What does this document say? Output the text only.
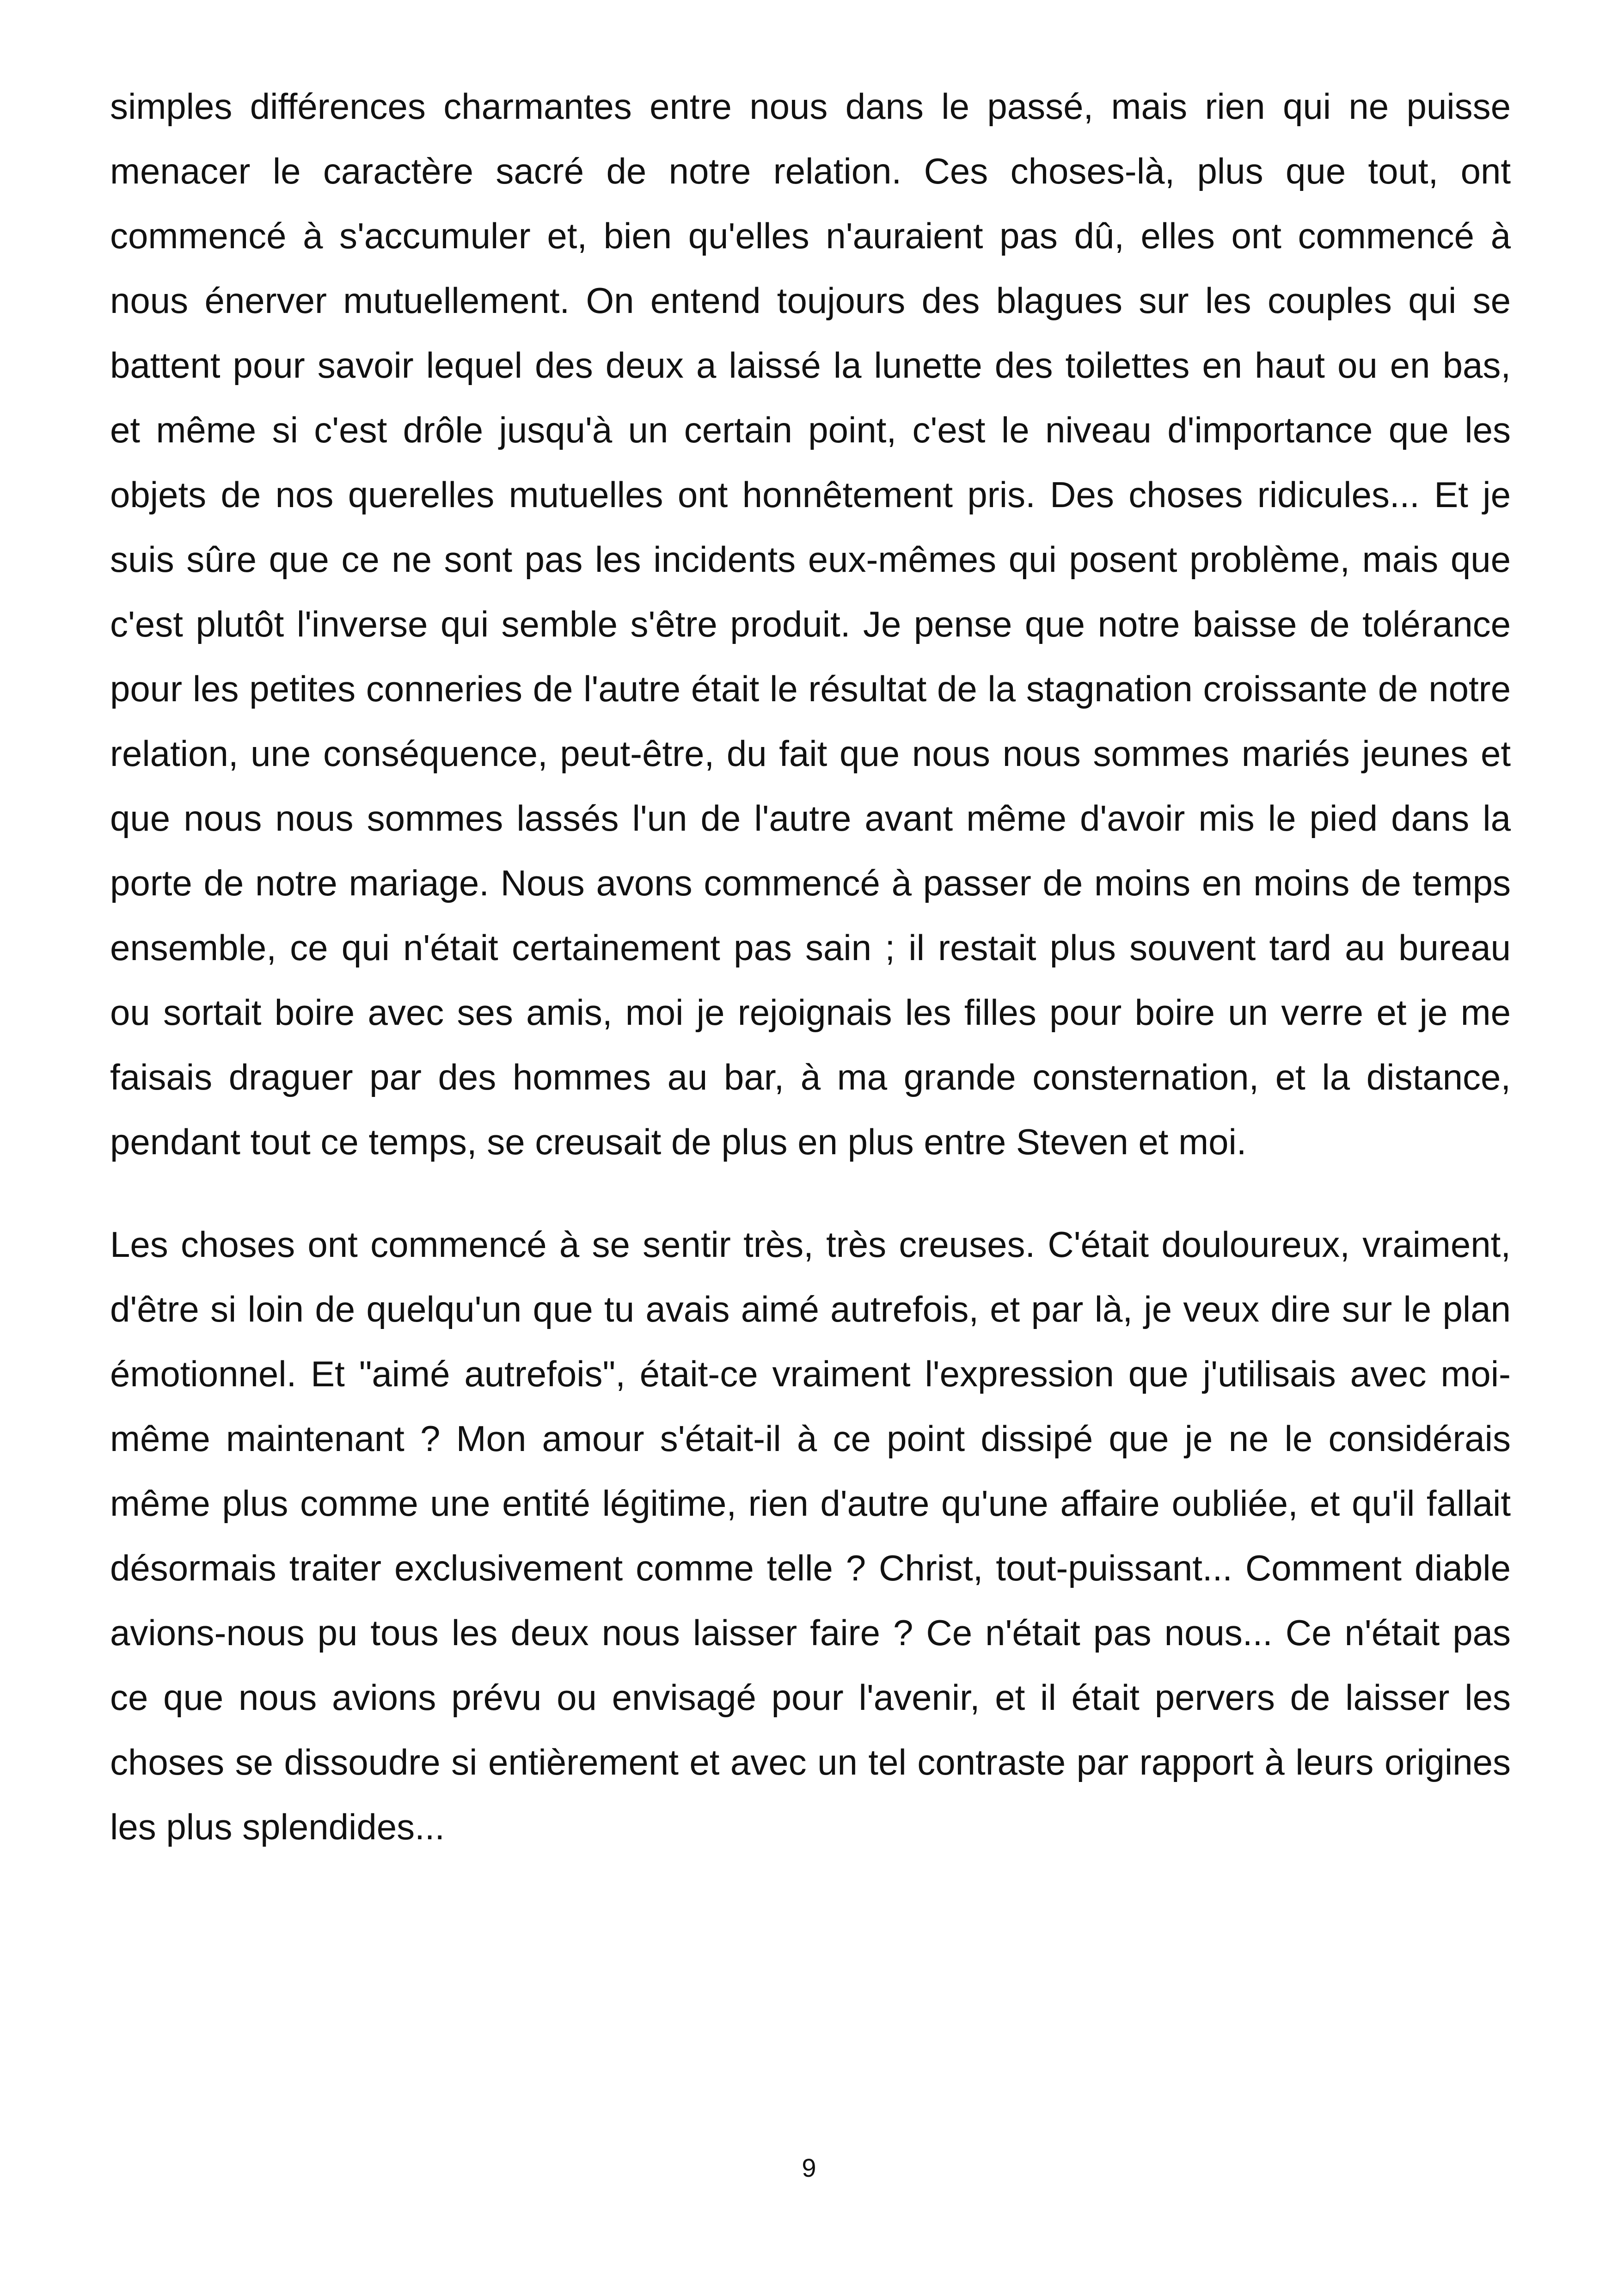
simples différences charmantes entre nous dans le passé, mais rien qui ne puisse menacer le caractère sacré de notre relation. Ces choses-là, plus que tout, ont commencé à s'accumuler et, bien qu'elles n'auraient pas dû, elles ont commencé à nous énerver mutuellement. On entend toujours des blagues sur les couples qui se battent pour savoir lequel des deux a laissé la lunette des toilettes en haut ou en bas, et même si c'est drôle jusqu'à un certain point, c'est le niveau d'importance que les objets de nos querelles mutuelles ont honnêtement pris. Des choses ridicules... Et je suis sûre que ce ne sont pas les incidents eux-mêmes qui posent problème, mais que c'est plutôt l'inverse qui semble s'être produit. Je pense que notre baisse de tolérance pour les petites conneries de l'autre était le résultat de la stagnation croissante de notre relation, une conséquence, peut-être, du fait que nous nous sommes mariés jeunes et que nous nous sommes lassés l'un de l'autre avant même d'avoir mis le pied dans la porte de notre mariage. Nous avons commencé à passer de moins en moins de temps ensemble, ce qui n'était certainement pas sain ; il restait plus souvent tard au bureau ou sortait boire avec ses amis, moi je rejoignais les filles pour boire un verre et je me faisais draguer par des hommes au bar, à ma grande consternation, et la distance, pendant tout ce temps, se creusait de plus en plus entre Steven et moi.

Les choses ont commencé à se sentir très, très creuses. C'était douloureux, vraiment, d'être si loin de quelqu'un que tu avais aimé autrefois, et par là, je veux dire sur le plan émotionnel. Et "aimé autrefois", était-ce vraiment l'expression que j'utilisais avec moi-même maintenant ? Mon amour s'était-il à ce point dissipé que je ne le considérais même plus comme une entité légitime, rien d'autre qu'une affaire oubliée, et qu'il fallait désormais traiter exclusivement comme telle ? Christ, tout-puissant... Comment diable avions-nous pu tous les deux nous laisser faire ? Ce n'était pas nous... Ce n'était pas ce que nous avions prévu ou envisagé pour l'avenir, et il était pervers de laisser les choses se dissoudre si entièrement et avec un tel contraste par rapport à leurs origines les plus splendides...

9
